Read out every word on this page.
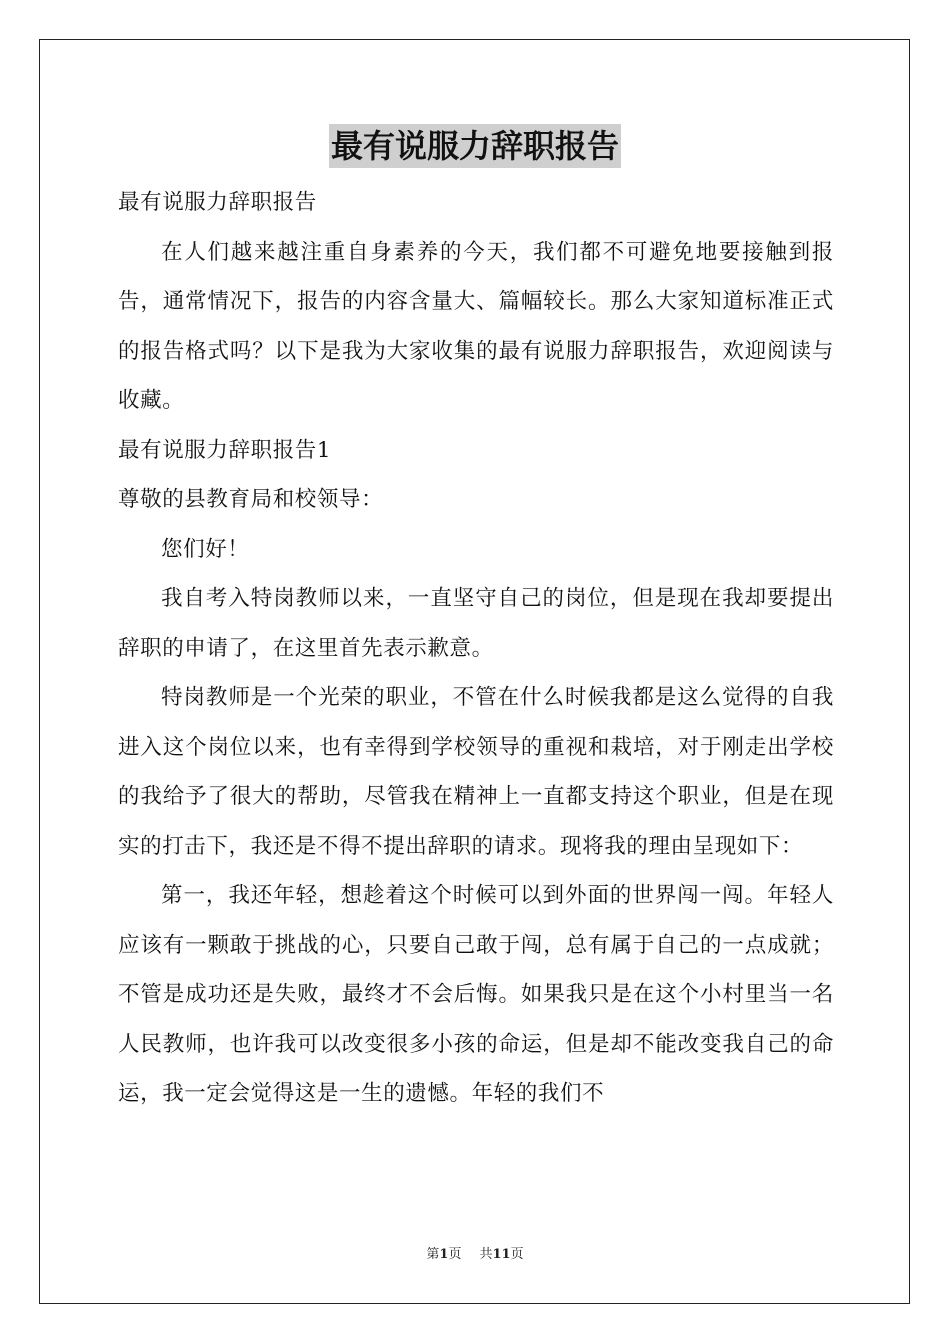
最有说服力辞职报告

最有说服力辞职报告

在人们越来越注重自身素养的今天，我们都不可避免地要接触到报告，通常情况下，报告的内容含量大、篇幅较长。那么大家知道标准正式的报告格式吗？以下是我为大家收集的最有说服力辞职报告，欢迎阅读与收藏。

最有说服力辞职报告1

尊敬的县教育局和校领导：

您们好！

我自考入特岗教师以来，一直坚守自己的岗位，但是现在我却要提出辞职的申请了，在这里首先表示歉意。

特岗教师是一个光荣的职业，不管在什么时候我都是这么觉得的自我进入这个岗位以来，也有幸得到学校领导的重视和栽培，对于刚走出学校的我给予了很大的帮助，尽管我在精神上一直都支持这个职业，但是在现实的打击下，我还是不得不提出辞职的请求。现将我的理由呈现如下：

第一，我还年轻，想趁着这个时候可以到外面的世界闯一闯。年轻人应该有一颗敢于挑战的心，只要自己敢于闯，总有属于自己的一点成就；不管是成功还是失败，最终才不会后悔。如果我只是在这个小村里当一名人民教师，也许我可以改变很多小孩的命运，但是却不能改变我自己的命运，我一定会觉得这是一生的遗憾。年轻的我们不

第1页 共11页
